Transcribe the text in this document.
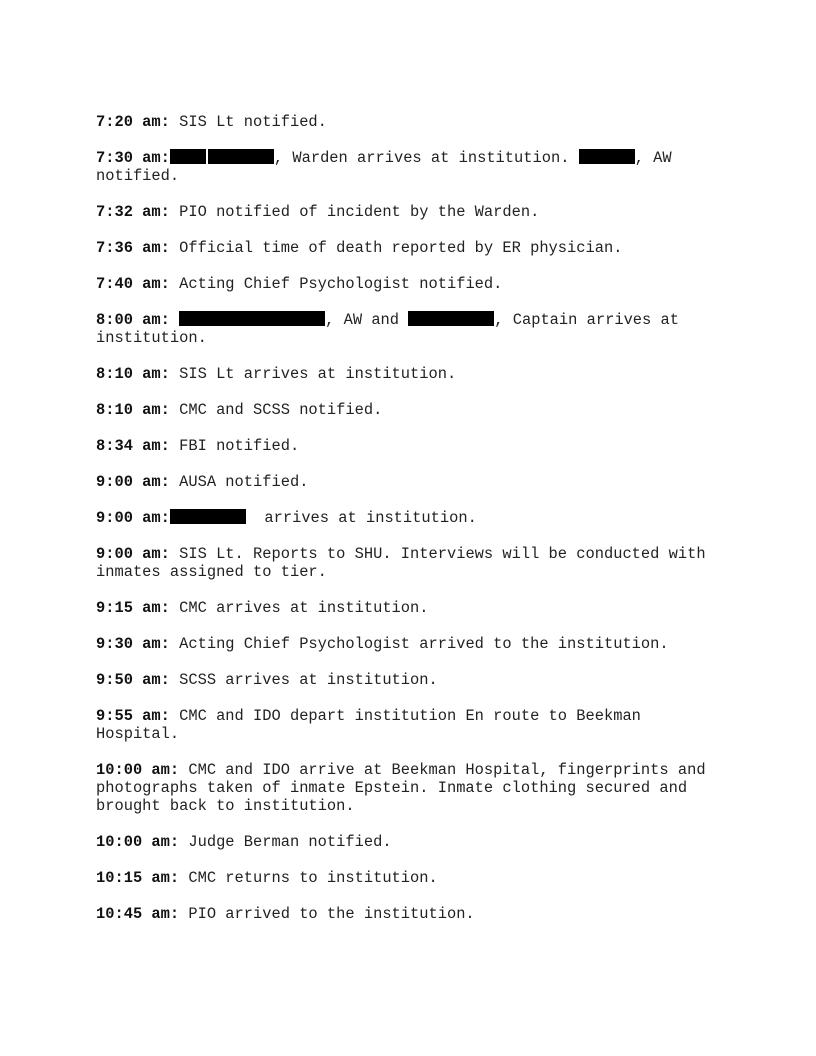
7:20 am: SIS Lt notified.
7:30 am:	, Warden arrives at institution.	, AW notified.
7:32 am: PIO notified of incident by the Warden.
7:36 am: Official time of death reported by ER physician.
7:40 am: Acting Chief Psychologist notified.
8:00 am:	, AW and	, Captain arrives at institution.
8:10 am: SIS Lt arrives at institution.
8:10 am: CMC and SCSS notified.
8:34 am: FBI notified.
9:00 am: AUSA notified.
9:00 am:	arrives at institution.
9:00 am: SIS Lt. Reports to SHU. Interviews will be conducted with inmates assigned to tier.
9:15 am: CMC arrives at institution.
9:30 am: Acting Chief Psychologist arrived to the institution.
9:50 am: SCSS arrives at institution.
9:55 am: CMC and IDO depart institution En route to Beekman Hospital.
10:00 am: CMC and IDO arrive at Beekman Hospital, fingerprints and photographs taken of inmate Epstein. Inmate clothing secured and brought back to institution.
10:00 am: Judge Berman notified.
10:15 am: CMC returns to institution.
10:45 am: PIO arrived to the institution.
